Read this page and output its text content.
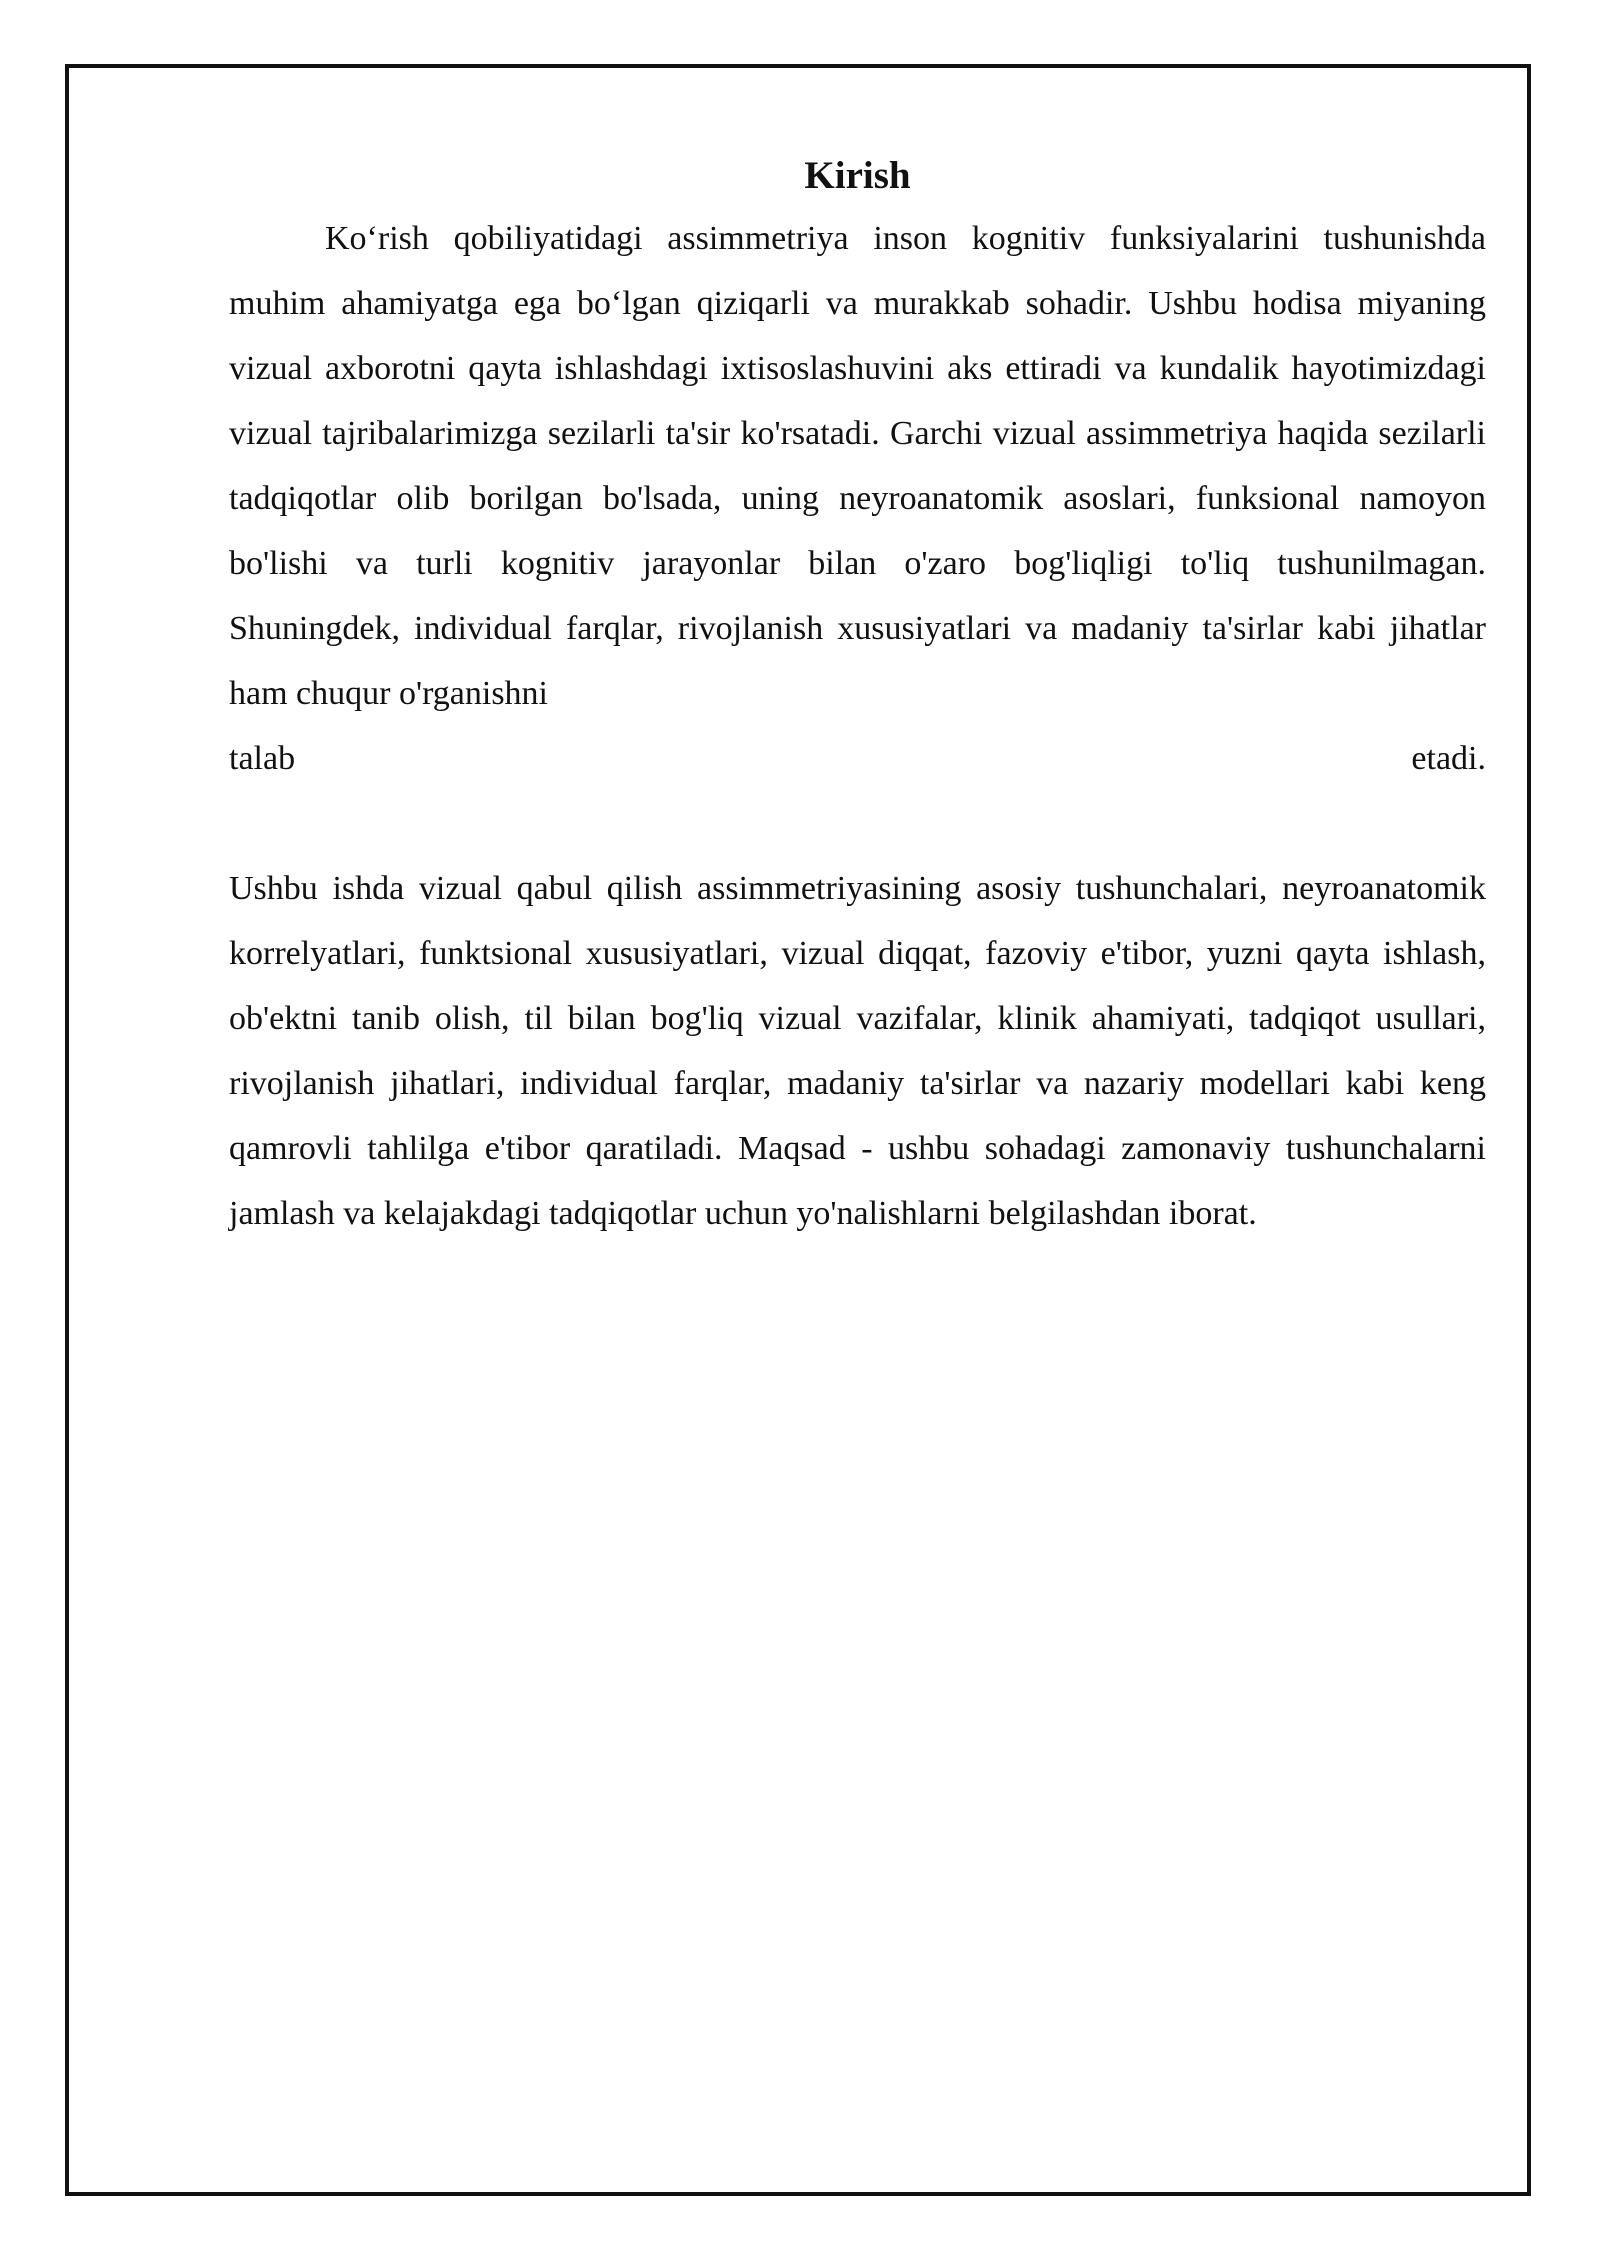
Kirish

Ko‘rish qobiliyatidagi assimmetriya inson kognitiv funksiyalarini tushunishda muhim ahamiyatga ega bo‘lgan qiziqarli va murakkab sohadir. Ushbu hodisa miyaning vizual axborotni qayta ishlashdagi ixtisoslashuvini aks ettiradi va kundalik hayotimizdagi vizual tajribalarimizga sezilarli ta'sir ko'rsatadi. Garchi vizual assimmetriya haqida sezilarli tadqiqotlar olib borilgan bo'lsada, uning neyroanatomik asoslari, funksional namoyon bo'lishi va turli kognitiv jarayonlar bilan o'zaro bog'liqligi to'liq tushunilmagan. Shuningdek, individual farqlar, rivojlanish xususiyatlari va madaniy ta'sirlar kabi jihatlar ham chuqur o'rganishni

talab	etadi.

Ushbu ishda vizual qabul qilish assimmetriyasining asosiy tushunchalari, neyroanatomik korrelyatlari, funktsional xususiyatlari, vizual diqqat, fazoviy e'tibor, yuzni qayta ishlash, ob'ektni tanib olish, til bilan bog'liq vizual vazifalar, klinik ahamiyati, tadqiqot usullari, rivojlanish jihatlari, individual farqlar, madaniy ta'sirlar va nazariy modellari kabi keng qamrovli tahlilga e'tibor qaratiladi. Maqsad - ushbu sohadagi zamonaviy tushunchalarni jamlash va kelajakdagi tadqiqotlar uchun yo'nalishlarni belgilashdan iborat.
